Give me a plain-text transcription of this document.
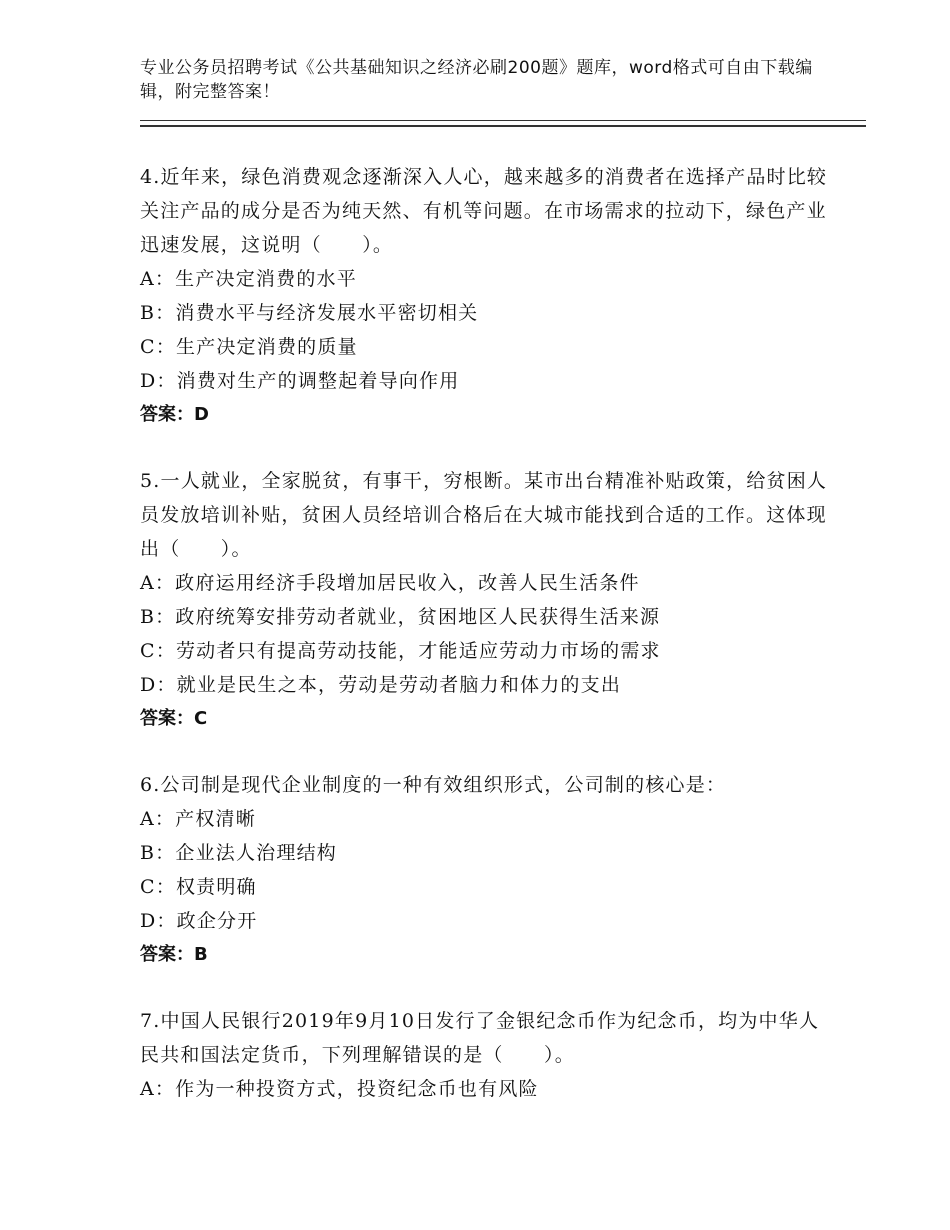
专业公务员招聘考试《公共基础知识之经济必刷200题》题库，word格式可自由下载编辑，附完整答案！
4.近年来，绿色消费观念逐渐深入人心，越来越多的消费者在选择产品时比较关注产品的成分是否为纯天然、有机等问题。在市场需求的拉动下，绿色产业迅速发展，这说明（　　）。
A：生产决定消费的水平
B：消费水平与经济发展水平密切相关
C：生产决定消费的质量
D：消费对生产的调整起着导向作用
答案：D
5.一人就业，全家脱贫，有事干，穷根断。某市出台精准补贴政策，给贫困人员发放培训补贴，贫困人员经培训合格后在大城市能找到合适的工作。这体现出（　　）。
A：政府运用经济手段增加居民收入，改善人民生活条件
B：政府统筹安排劳动者就业，贫困地区人民获得生活来源
C：劳动者只有提高劳动技能，才能适应劳动力市场的需求
D：就业是民生之本，劳动是劳动者脑力和体力的支出
答案：C
6.公司制是现代企业制度的一种有效组织形式，公司制的核心是：
A：产权清晰
B：企业法人治理结构
C：权责明确
D：政企分开
答案：B
7.中国人民银行2019年9月10日发行了金银纪念币作为纪念币，均为中华人民共和国法定货币，下列理解错误的是（　　）。
A：作为一种投资方式，投资纪念币也有风险
